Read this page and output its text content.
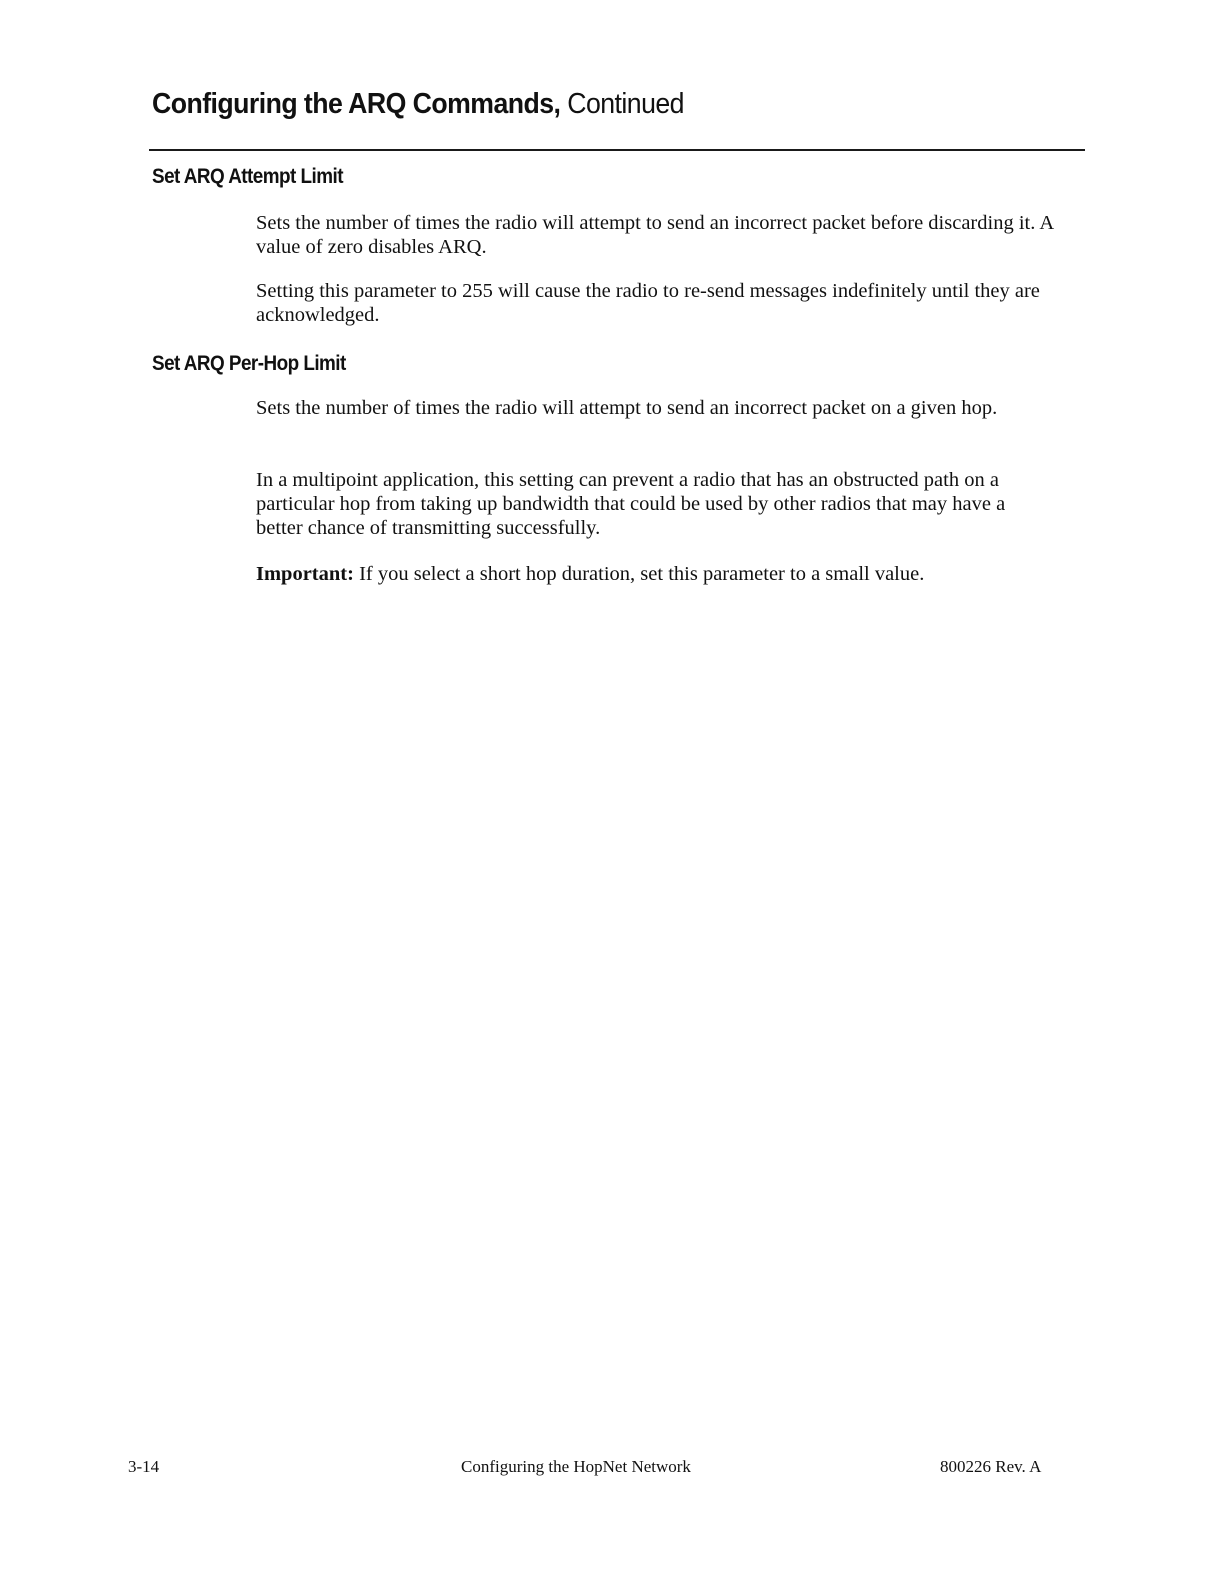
Configuring the ARQ Commands, Continued
Set ARQ Attempt Limit

Sets the number of times the radio will attempt to send an incorrect packet before discarding it. A value of zero disables ARQ.

Setting this parameter to 255 will cause the radio to re-send messages indefinitely until they are acknowledged.

Set ARQ Per-Hop Limit

Sets the number of times the radio will attempt to send an incorrect packet on a given hop.

In a multipoint application, this setting can prevent a radio that has an obstructed path on a particular hop from taking up bandwidth that could be used by other radios that may have a better chance of transmitting successfully.

Important: If you select a short hop duration, set this parameter to a small value.

3-14	Configuring the HopNet Network	800226 Rev. A
